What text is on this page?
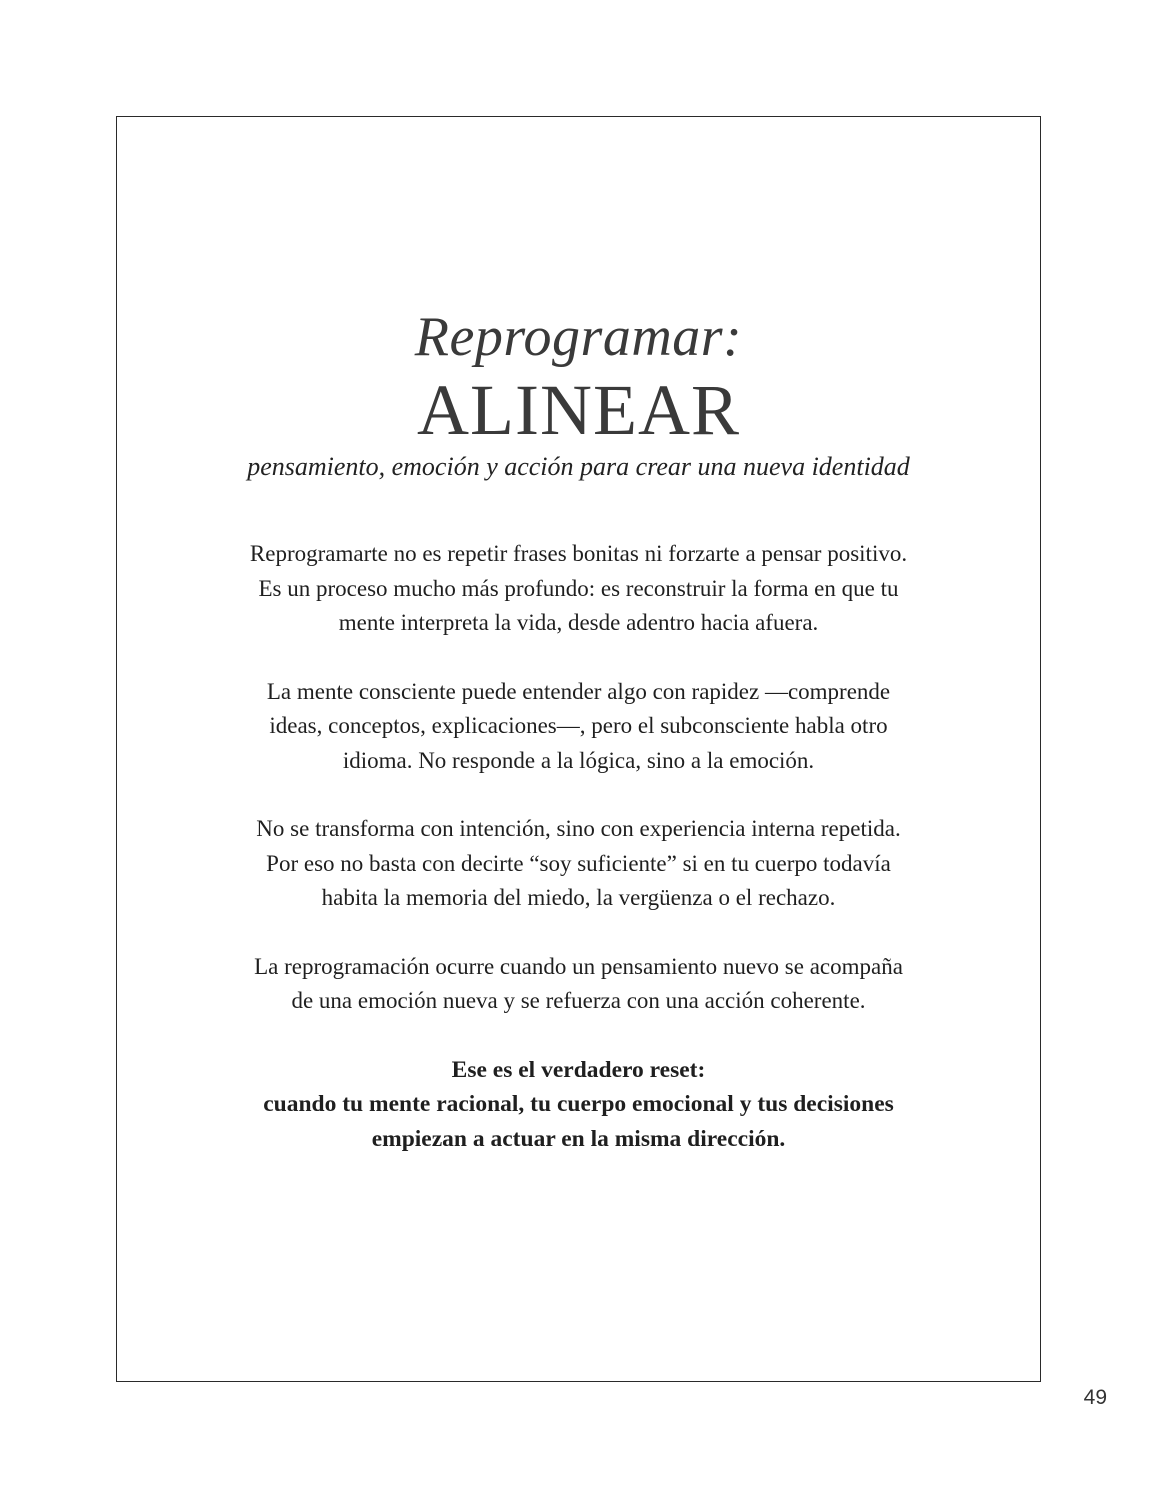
Reprogramar:
ALINEAR
pensamiento, emoción y acción para crear una nueva identidad

Reprogramarte no es repetir frases bonitas ni forzarte a pensar positivo.
Es un proceso mucho más profundo: es reconstruir la forma en que tu
mente interpreta la vida, desde adentro hacia afuera.

La mente consciente puede entender algo con rapidez —comprende
ideas, conceptos, explicaciones—, pero el subconsciente habla otro
idioma. No responde a la lógica, sino a la emoción.

No se transforma con intención, sino con experiencia interna repetida.
Por eso no basta con decirte “soy suficiente” si en tu cuerpo todavía
habita la memoria del miedo, la vergüenza o el rechazo.

La reprogramación ocurre cuando un pensamiento nuevo se acompaña
de una emoción nueva y se refuerza con una acción coherente.

Ese es el verdadero reset:
cuando tu mente racional, tu cuerpo emocional y tus decisiones
empiezan a actuar en la misma dirección.

49
